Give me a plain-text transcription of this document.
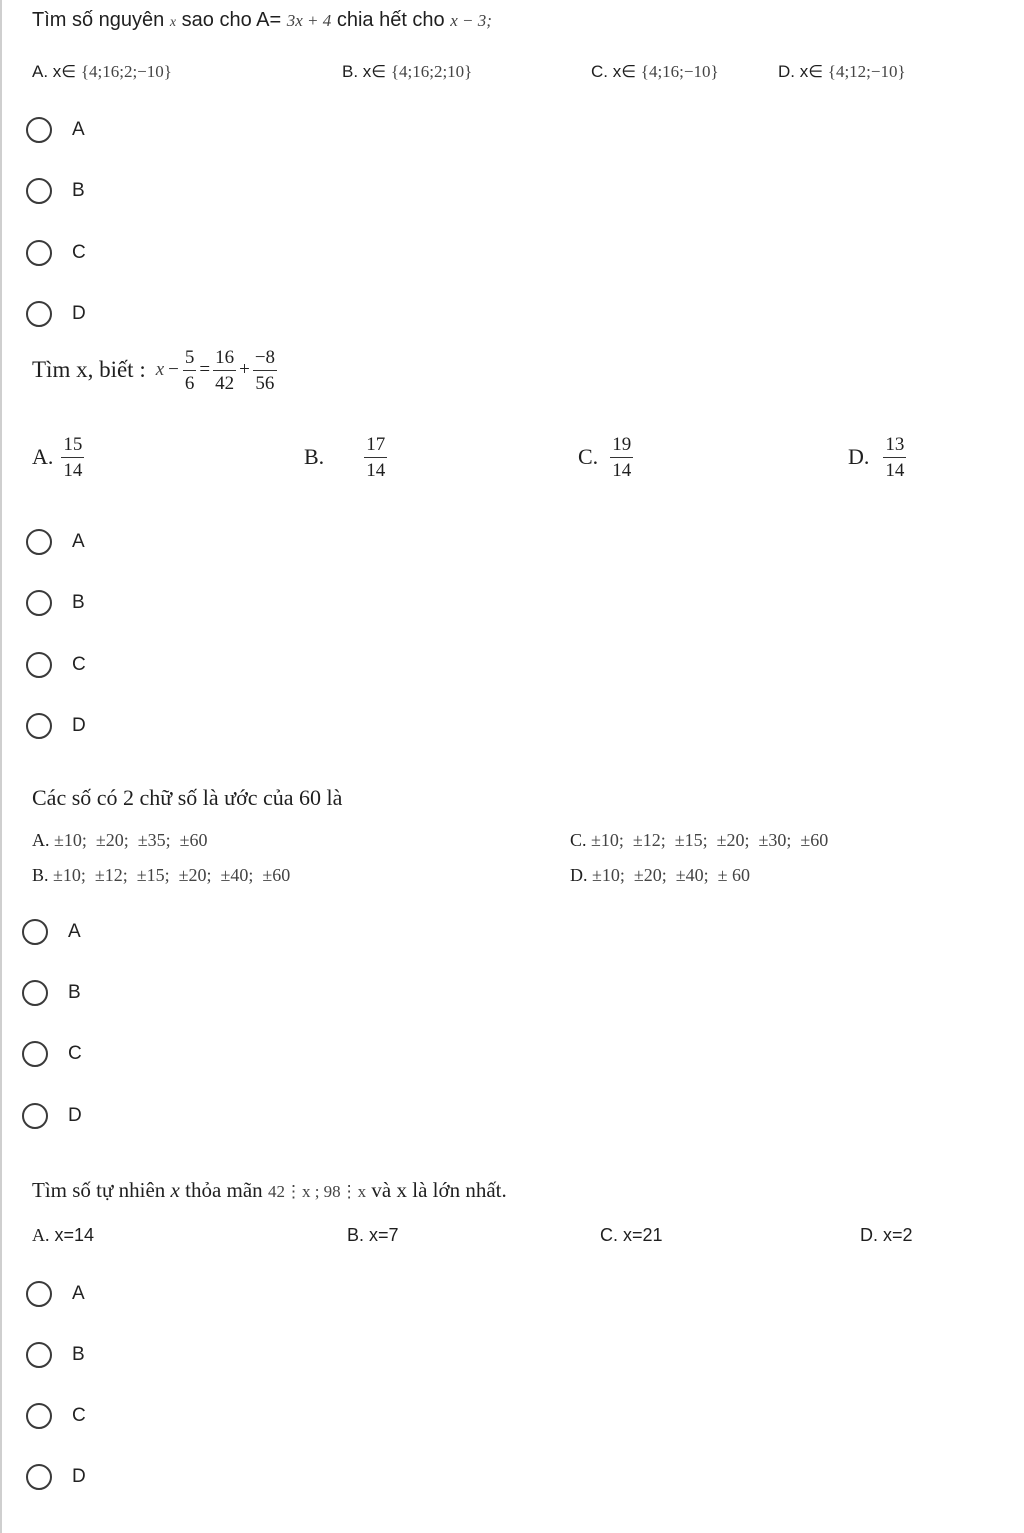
Tìm số nguyên x sao cho A= 3x + 4 chia hết cho x − 3;
A. x∈ {4;16;2;−10}	B. x∈ {4;16;2;10}	C. x∈ {4;16;−10}	D. x∈ {4;12;−10}
A
B
C
D
Tìm x, biết : $x - \frac{5}{6} = \frac{16}{42} + \frac{-8}{56}$
A. $\frac{15}{14}$	B. $\frac{17}{14}$	C. $\frac{19}{14}$	D. $\frac{13}{14}$
A
B
C
D
Các số có 2 chữ số là ước của 60 là
A. ±10;  ±20;  ±35;  ±60	C. ±10;  ±12;  ±15;  ±20;  ±30;  ±60
B. ±10;  ±12;  ±15;  ±20;  ±40;  ±60	D. ±10;  ±20;  ±40;  ± 60
A
B
C
D
Tìm số tự nhiên x thỏa mãn 42⋮x ; 98⋮x và x là lớn nhất.
A. x=14	B. x=7	C. x=21	D. x=2
A
B
C
D
